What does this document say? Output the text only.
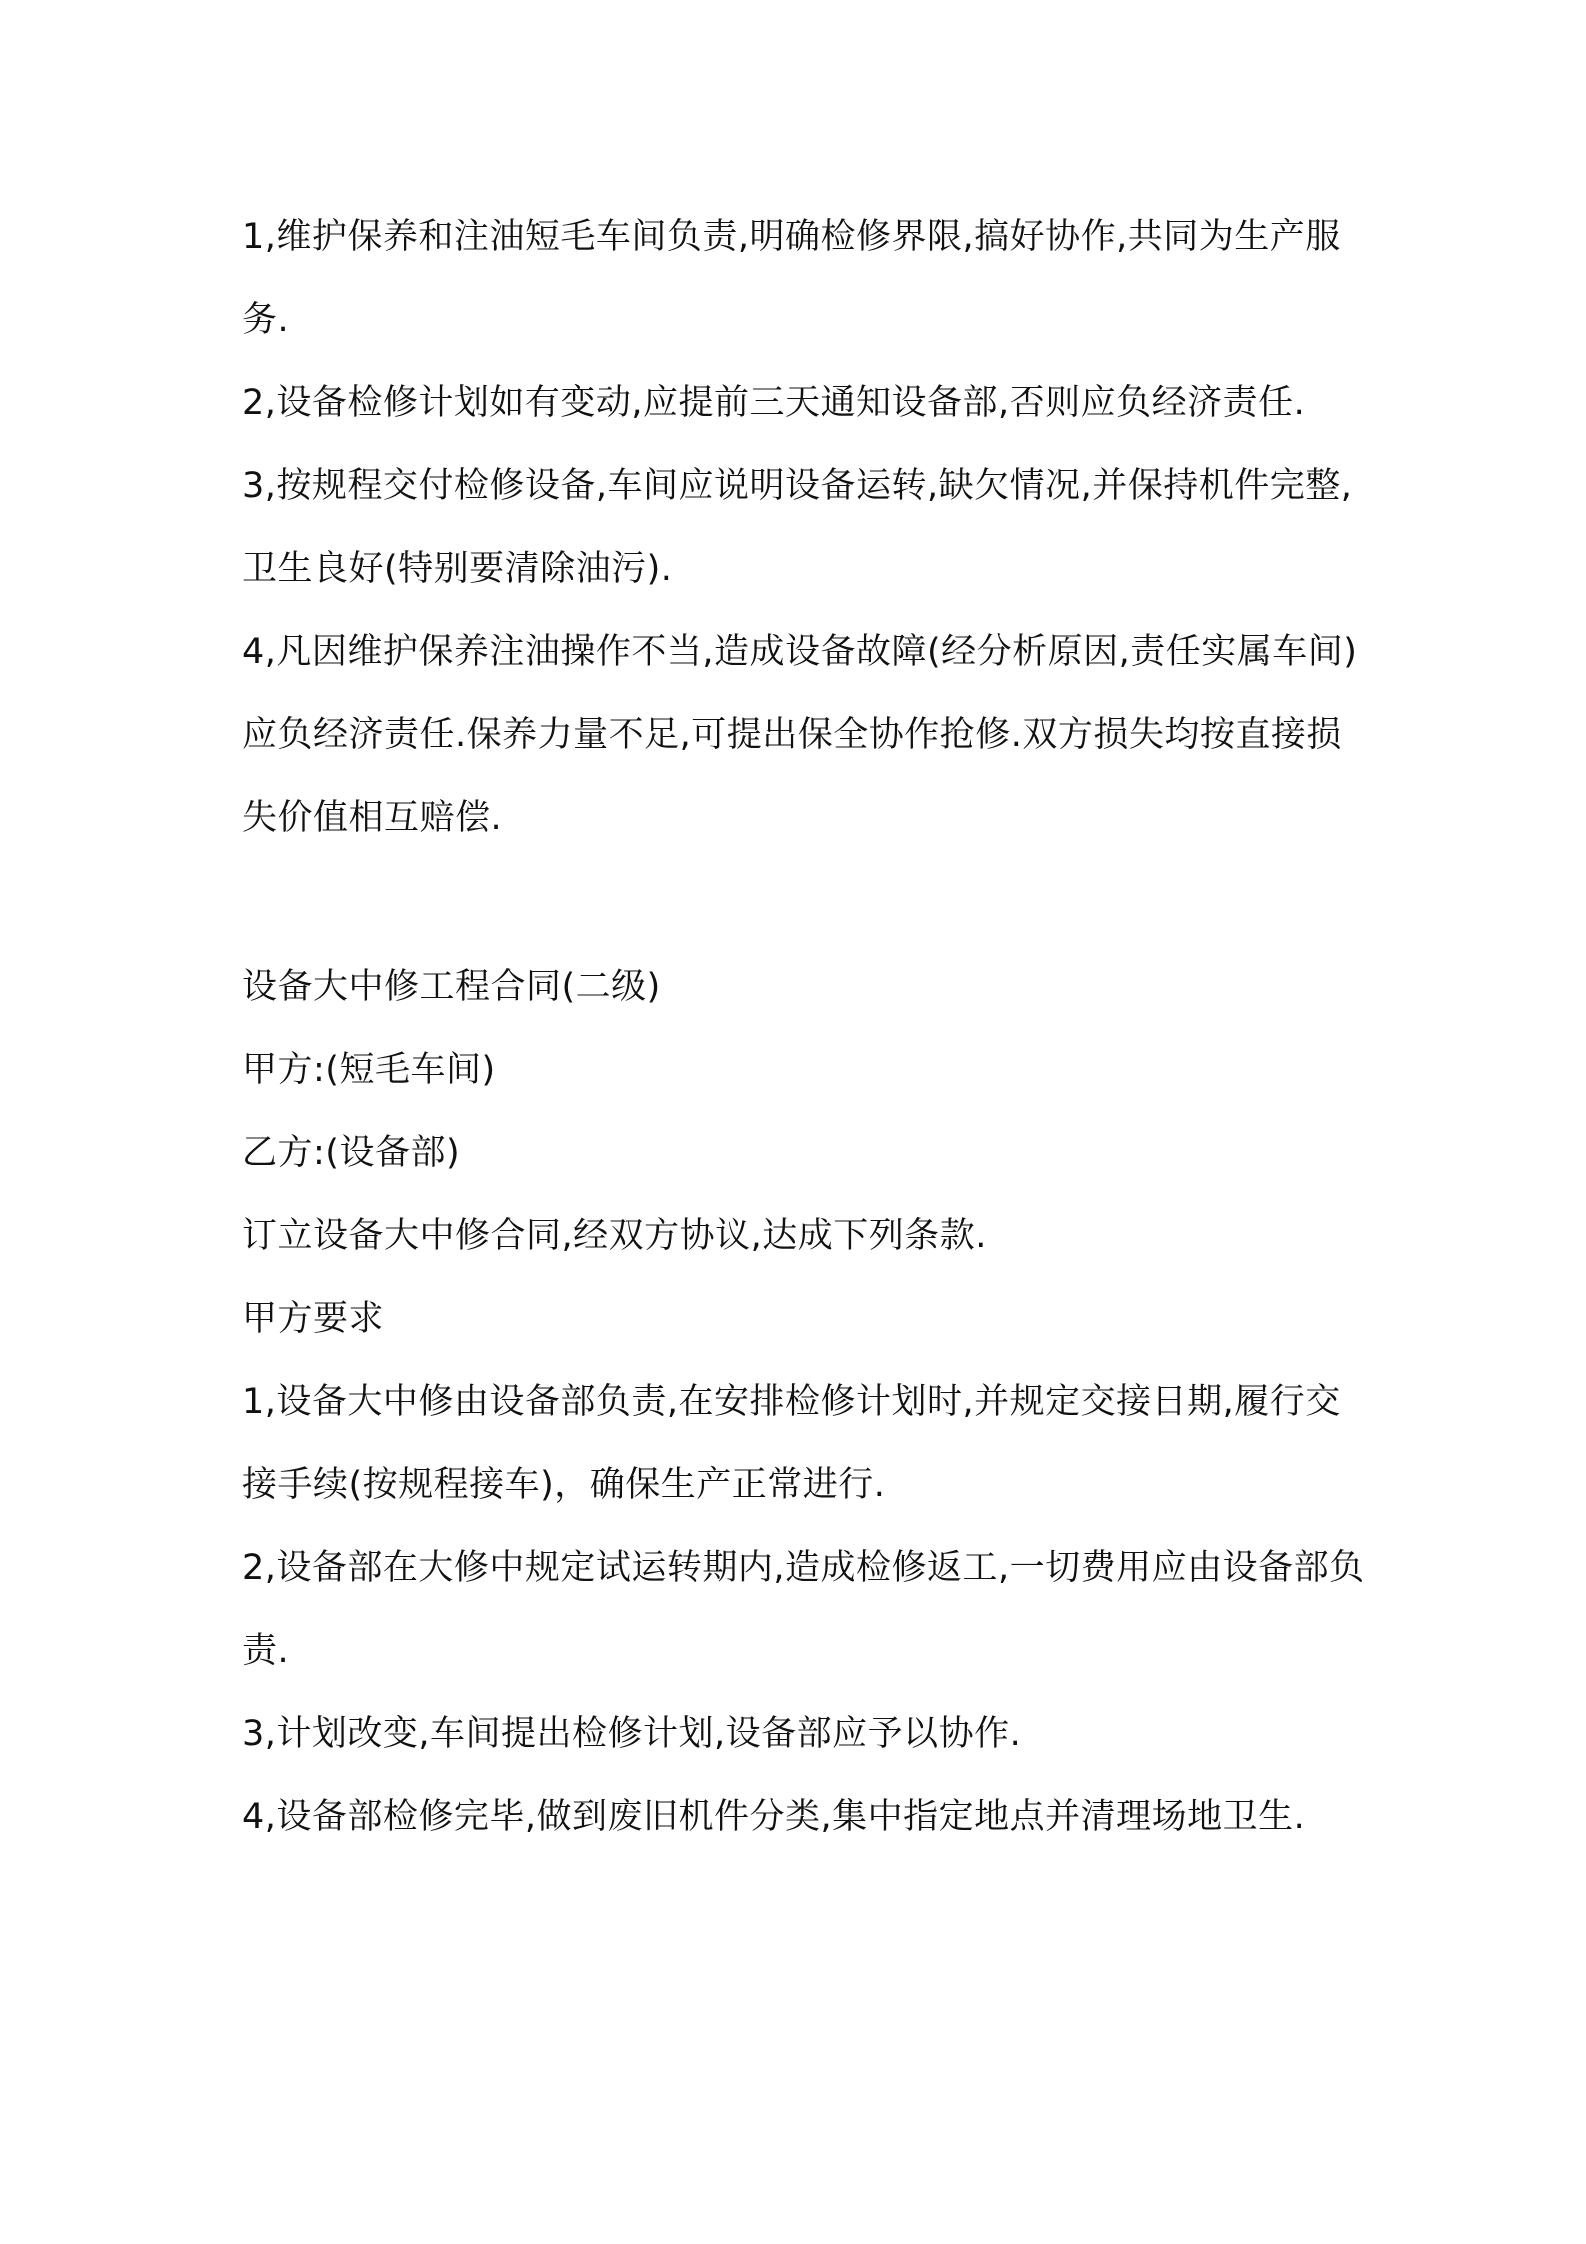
1,维护保养和注油短毛车间负责,明确检修界限,搞好协作,共同为生产服务.

2,设备检修计划如有变动,应提前三天通知设备部,否则应负经济责任.

3,按规程交付检修设备,车间应说明设备运转,缺欠情况,并保持机件完整,卫生良好(特别要清除油污).

4,凡因维护保养注油操作不当,造成设备故障(经分析原因,责任实属车间)应负经济责任.保养力量不足,可提出保全协作抢修.双方损失均按直接损失价值相互赔偿.

设备大中修工程合同(二级)

甲方:(短毛车间)

乙方:(设备部)

订立设备大中修合同,经双方协议,达成下列条款.

甲方要求

1,设备大中修由设备部负责,在安排检修计划时,并规定交接日期,履行交接手续(按规程接车)，确保生产正常进行.

2,设备部在大修中规定试运转期内,造成检修返工,一切费用应由设备部负责.

3,计划改变,车间提出检修计划,设备部应予以协作.

4,设备部检修完毕,做到废旧机件分类,集中指定地点并清理场地卫生.
